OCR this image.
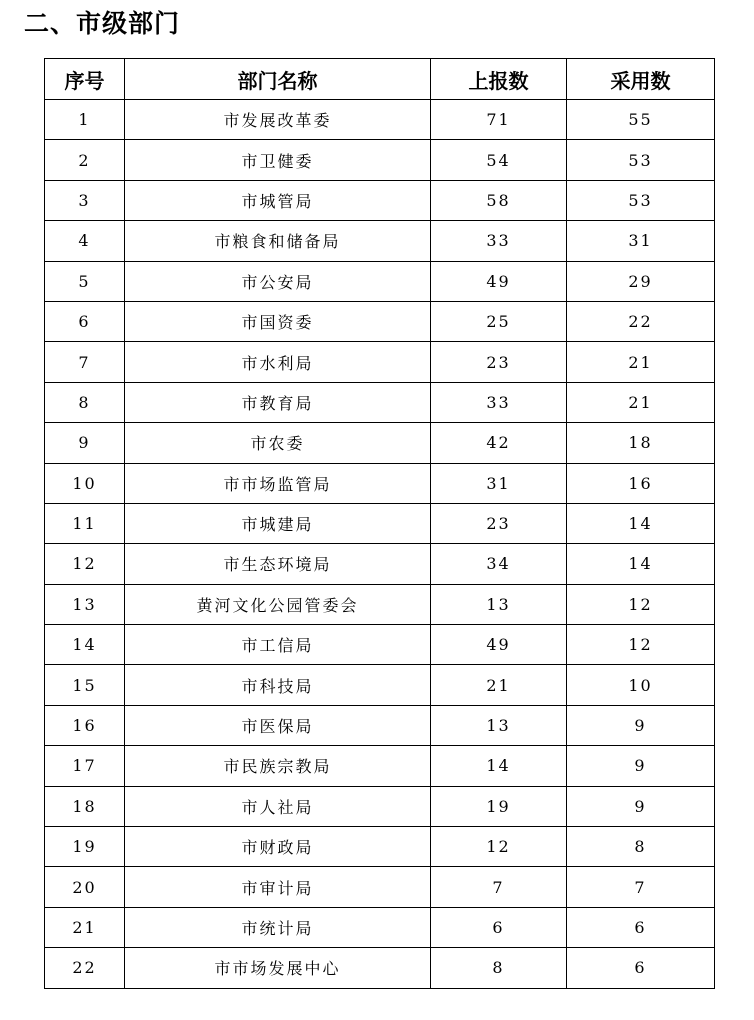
二、市级部门
序号	部门名称	上报数	采用数
1	市发展改革委	71	55
2	市卫健委	54	53
3	市城管局	58	53
4	市粮食和储备局	33	31
5	市公安局	49	29
6	市国资委	25	22
7	市水利局	23	21
8	市教育局	33	21
9	市农委	42	18
10	市市场监管局	31	16
11	市城建局	23	14
12	市生态环境局	34	14
13	黄河文化公园管委会	13	12
14	市工信局	49	12
15	市科技局	21	10
16	市医保局	13	9
17	市民族宗教局	14	9
18	市人社局	19	9
19	市财政局	12	8
20	市审计局	7	7
21	市统计局	6	6
22	市市场发展中心	8	6
